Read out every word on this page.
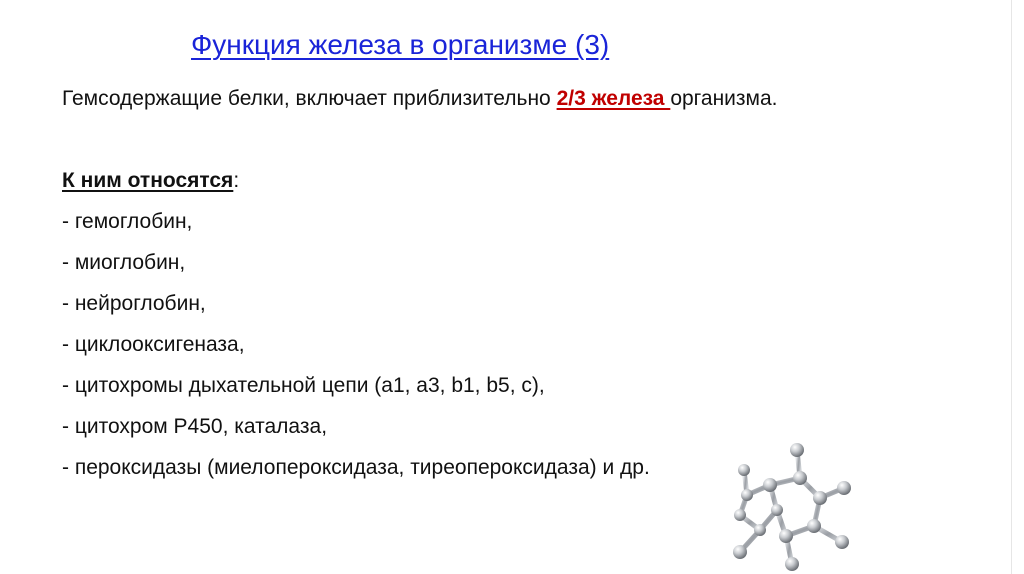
Функция железа в организме (3)
Гемсодержащие белки, включает приблизительно 2/3 железа организма.
К ним относятся:
- гемоглобин,
- миоглобин,
- нейроглобин,
- циклооксигеназа,
- цитохромы дыхательной цепи (а1, а3, b1, b5, c),
- цитохром Р450, каталаза,
- пероксидазы (миелопероксидаза, тиреопероксидаза) и др.
